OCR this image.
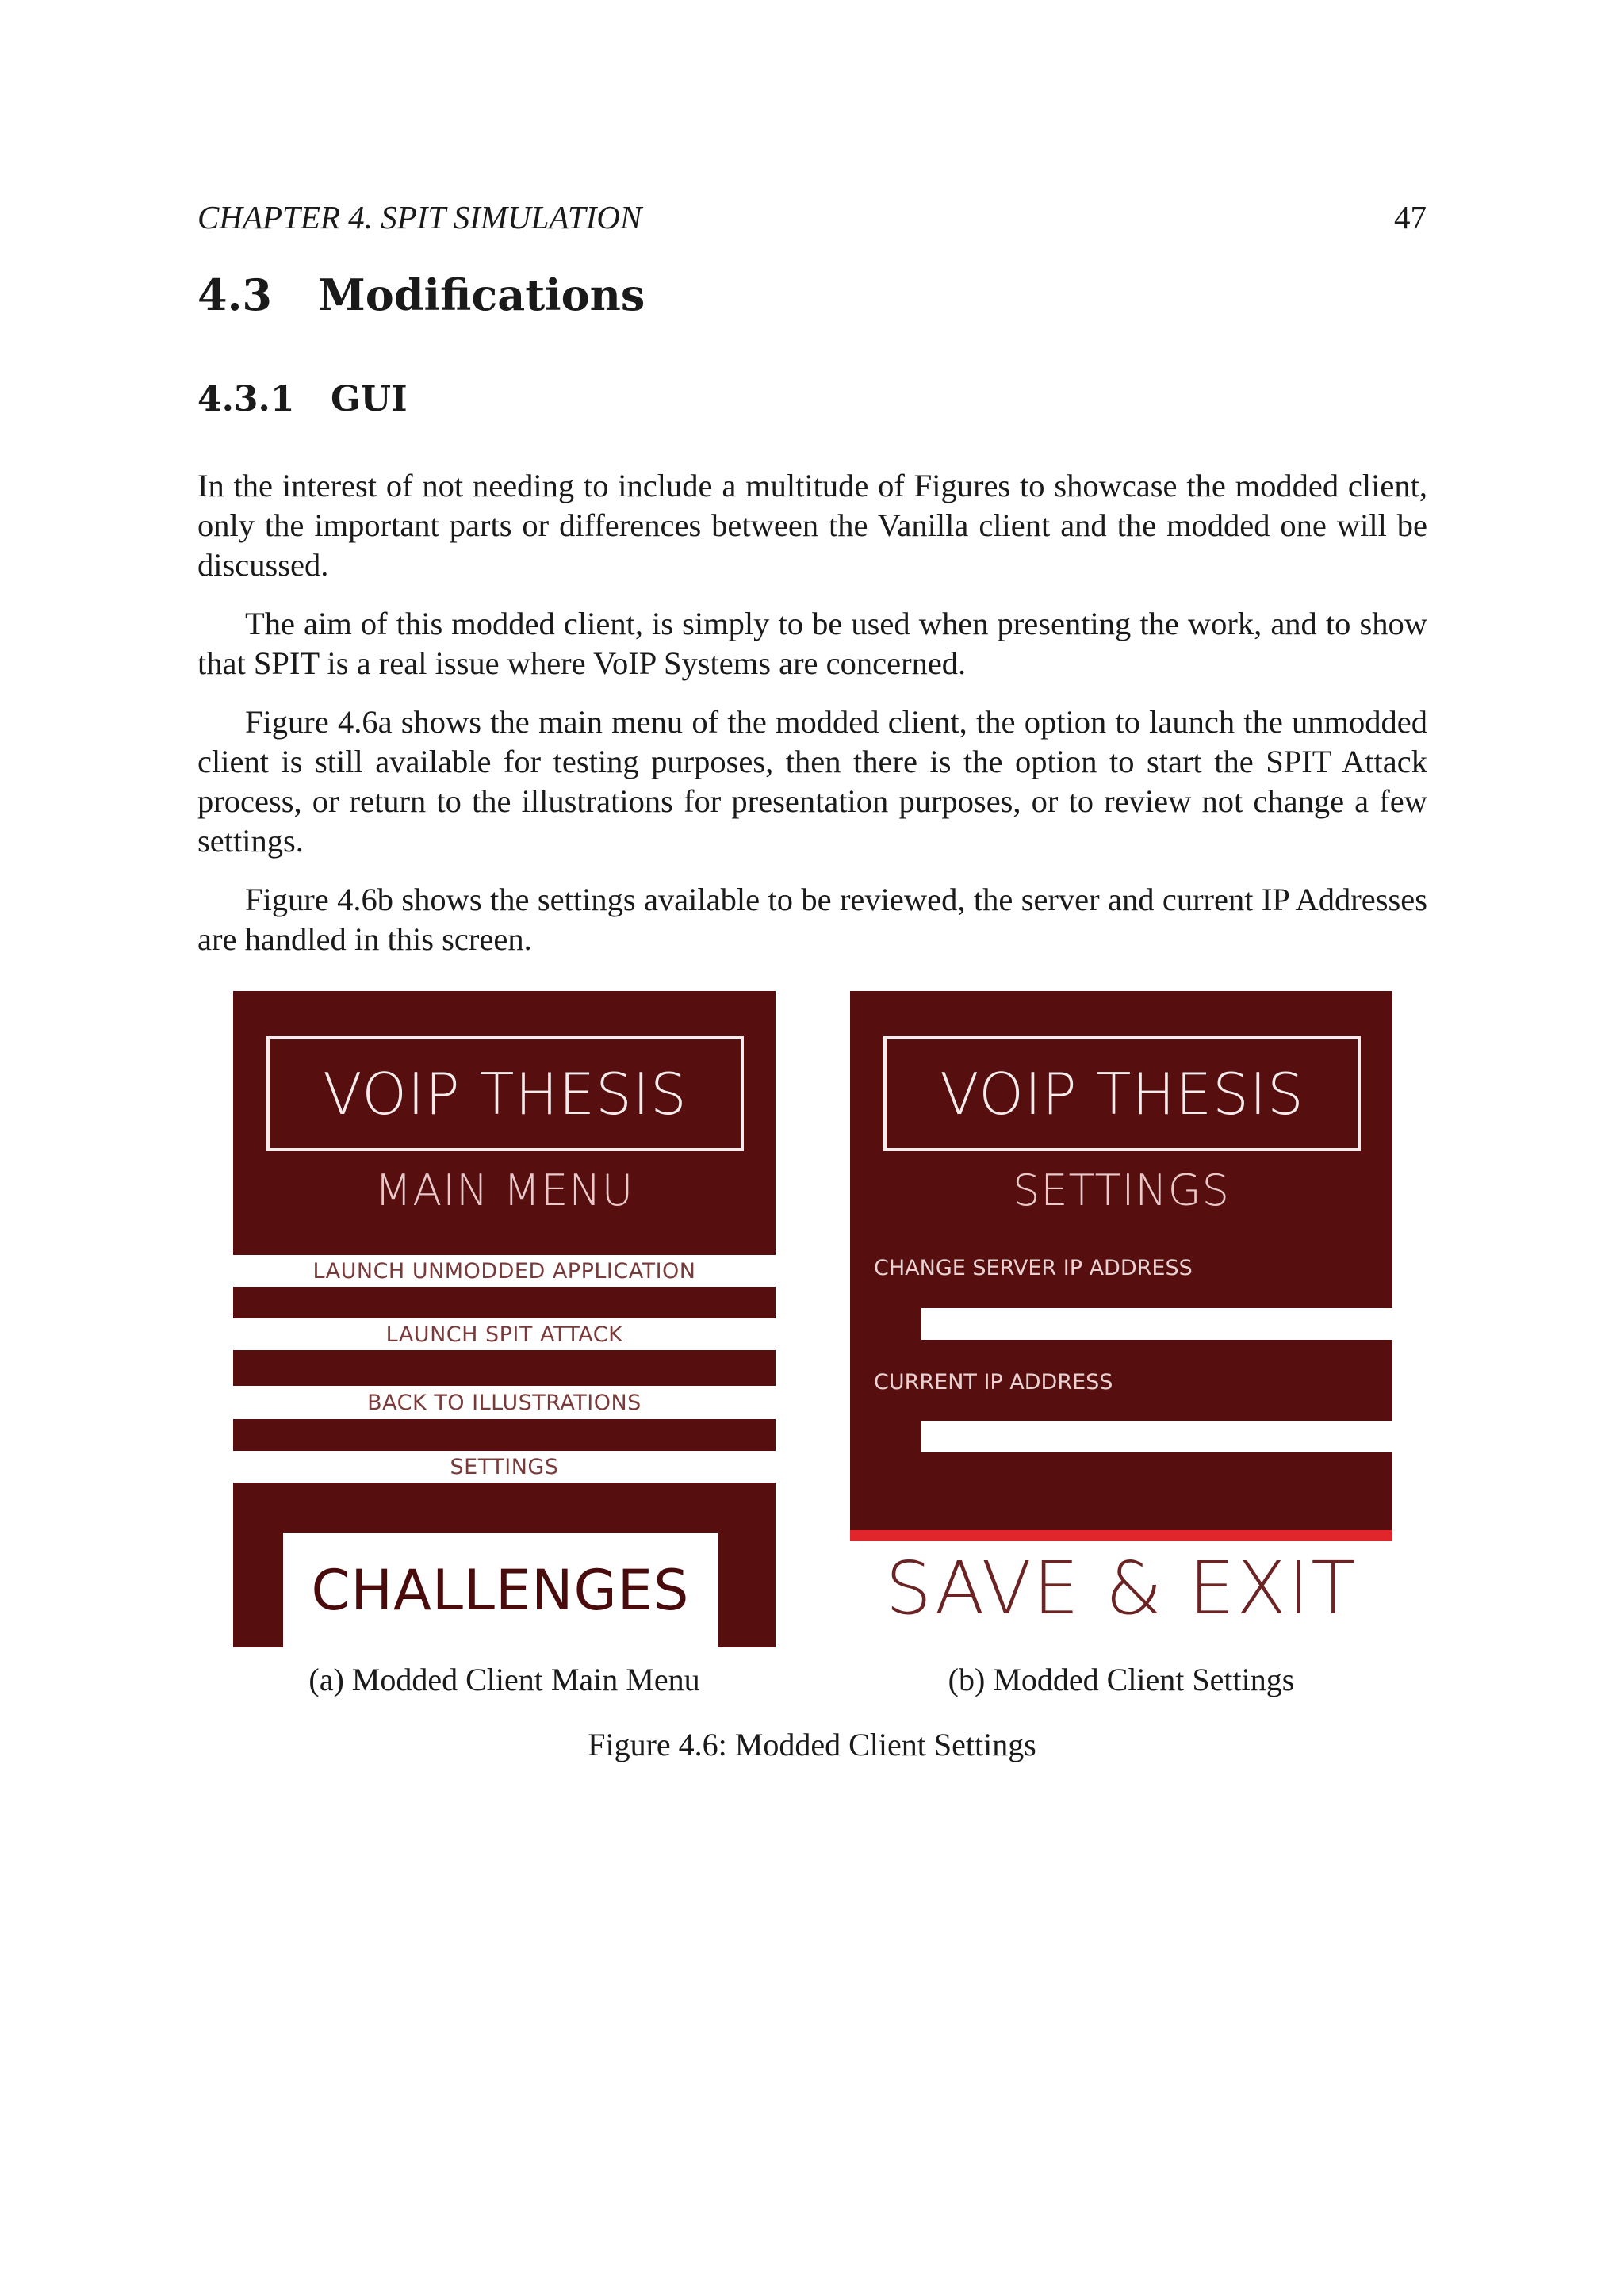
CHAPTER 4. SPIT SIMULATION	47
4.3 Modifications
4.3.1 GUI

In the interest of not needing to include a multitude of Figures to showcase the modded client, only the important parts or differences between the Vanilla client and the modded one will be discussed.

The aim of this modded client, is simply to be used when presenting the work, and to show that SPIT is a real issue where VoIP Systems are concerned.

Figure 4.6a shows the main menu of the modded client, the option to launch the unmodded client is still available for testing purposes, then there is the option to start the SPIT Attack process, or return to the illustrations for presentation purposes, or to review not change a few settings.

Figure 4.6b shows the settings available to be reviewed, the server and current IP Addresses are handled in this screen.

VOIP THESIS
MAIN MENU
LAUNCH UNMODDED APPLICATION
LAUNCH SPIT ATTACK
BACK TO ILLUSTRATIONS
SETTINGS
CHALLENGES
VOIP THESIS
SETTINGS
CHANGE SERVER IP ADDRESS
CURRENT IP ADDRESS
SAVE & EXIT
(a) Modded Client Main Menu	(b) Modded Client Settings
Figure 4.6: Modded Client Settings
